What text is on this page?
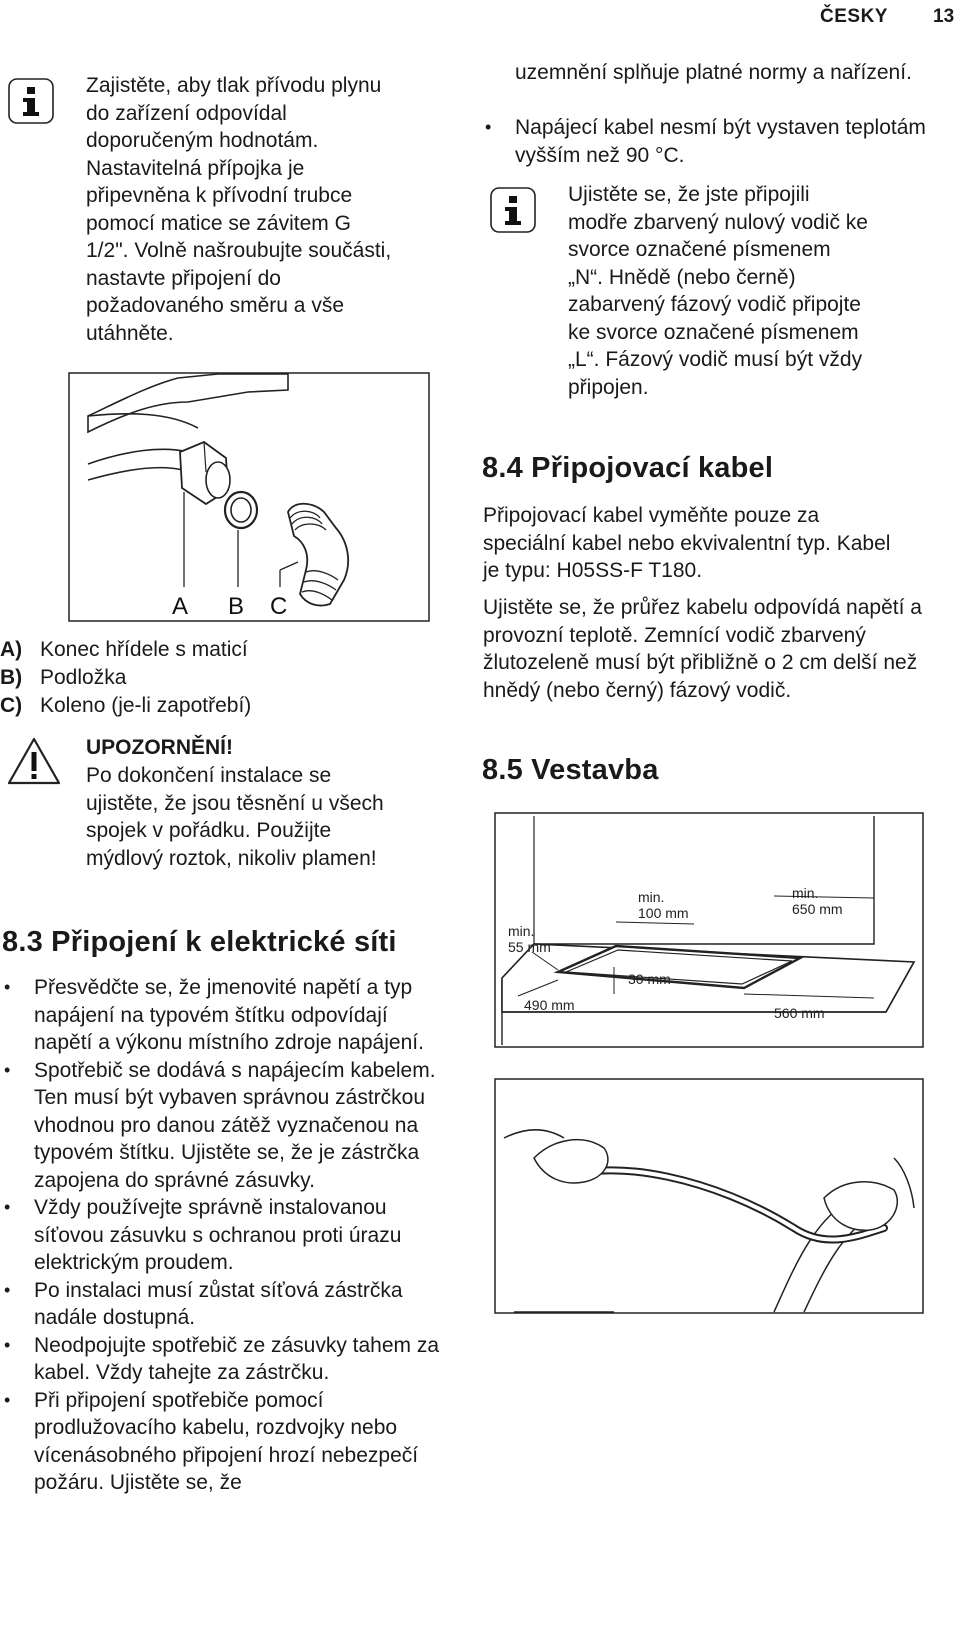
ČESKY 13

Zajistěte, aby tlak přívodu plynu do zařízení odpovídal doporučeným hodnotám. Nastavitelná přípojka je připevněna k přívodní trubce pomocí matice se závitem G 1/2". Volně našroubujte součásti, nastavte připojení do požadovaného směru a vše utáhněte.

A B C
A) Konec hřídele s maticí
B) Podložka
C) Koleno (je-li zapotřebí)
UPOZORNĚNÍ!

Po dokončení instalace se ujistěte, že jsou těsnění u všech spojek v pořádku. Použijte mýdlový roztok, nikoliv plamen!

8.3 Připojení k elektrické síti
• Přesvědčte se, že jmenovité napětí a typ napájení na typovém štítku odpovídají napětí a výkonu místního zdroje napájení.
• Spotřebič se dodává s napájecím kabelem. Ten musí být vybaven správnou zástrčkou vhodnou pro danou zátěž vyznačenou na typovém štítku. Ujistěte se, že je zástrčka zapojena do správné zásuvky.
• Vždy používejte správně instalovanou síťovou zásuvku s ochranou proti úrazu elektrickým proudem.
• Po instalaci musí zůstat síťová zástrčka nadále dostupná.
• Neodpojujte spotřebič ze zásuvky tahem za kabel. Vždy tahejte za zástrčku.
• Při připojení spotřebiče pomocí prodlužovacího kabelu, rozdvojky nebo vícenásobného připojení hrozí nebezpečí požáru. Ujistěte se, že

uzemnění splňuje platné normy a nařízení.

• Napájecí kabel nesmí být vystaven teplotám vyšším než 90 °C.

Ujistěte se, že jste připojili modře zbarvený nulový vodič ke svorce označené písmenem „N“. Hnědě (nebo černě) zabarvený fázový vodič připojte ke svorce označené písmenem „L“. Fázový vodič musí být vždy připojen.

8.4 Připojovací kabel

Připojovací kabel vyměňte pouze za speciální kabel nebo ekvivalentní typ. Kabel je typu: H05SS-F T180.

Ujistěte se, že průřez kabelu odpovídá napětí a provozní teplotě. Zemnící vodič zbarvený žlutozeleně musí být přibližně o 2 cm delší než hnědý (nebo černý) fázový vodič.

8.5 Vestavba
min.
55 mm
min.
100 mm
min.
650 mm
30 mm
490 mm	560 mm
